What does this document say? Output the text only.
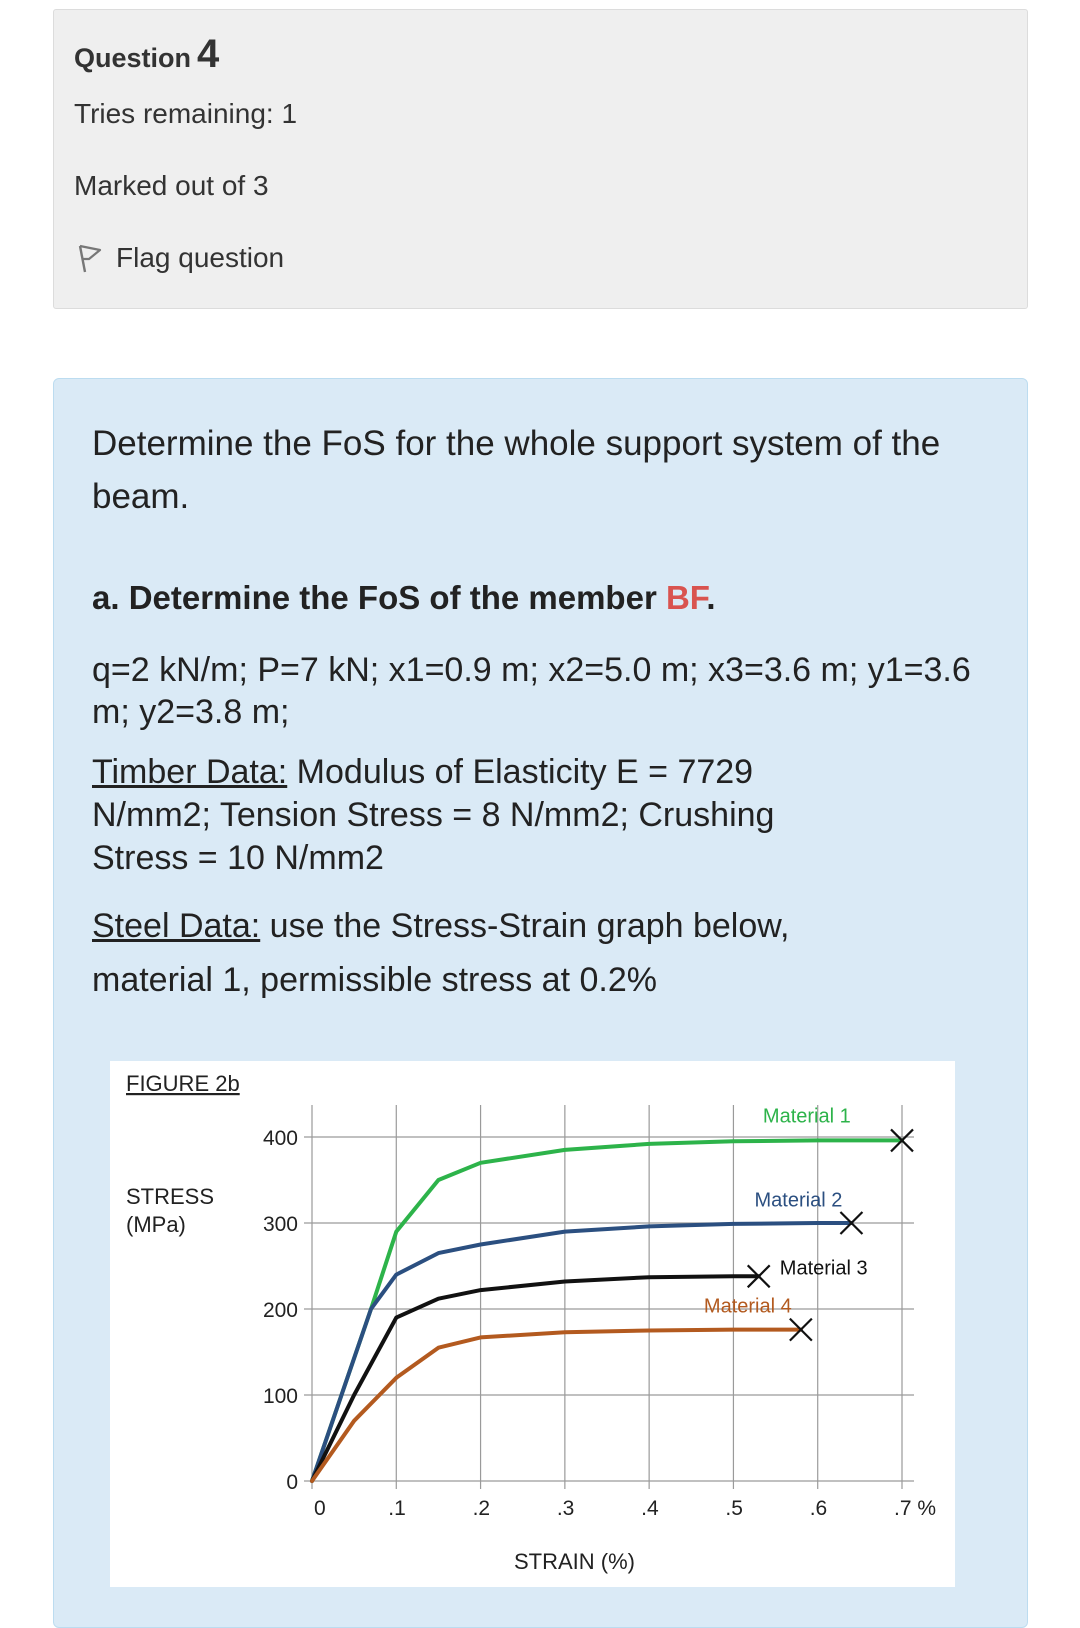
Question 4
Tries remaining: 1
Marked out of 3
Flag question
Determine the FoS for the whole support system of the beam.
a. Determine the FoS of the member BF.
q=2 kN/m; P=7 kN; x1=0.9 m; x2=5.0 m; x3=3.6 m; y1=3.6 m; y2=3.8 m;
Timber Data: Modulus of Elasticity E = 7729 N/mm2; Tension Stress = 8 N/mm2; Crushing Stress = 10 N/mm2
Steel Data: use the Stress-Strain graph below, material 1, permissible stress at 0.2%
FIGURE 2b
STRESS
(MPa)
STRAIN (%)
0	.1	.2	.3	.4	.5	.6	.7 %
0
100
200
300
400
Material 1
Material 2
Material 3
Material 4
